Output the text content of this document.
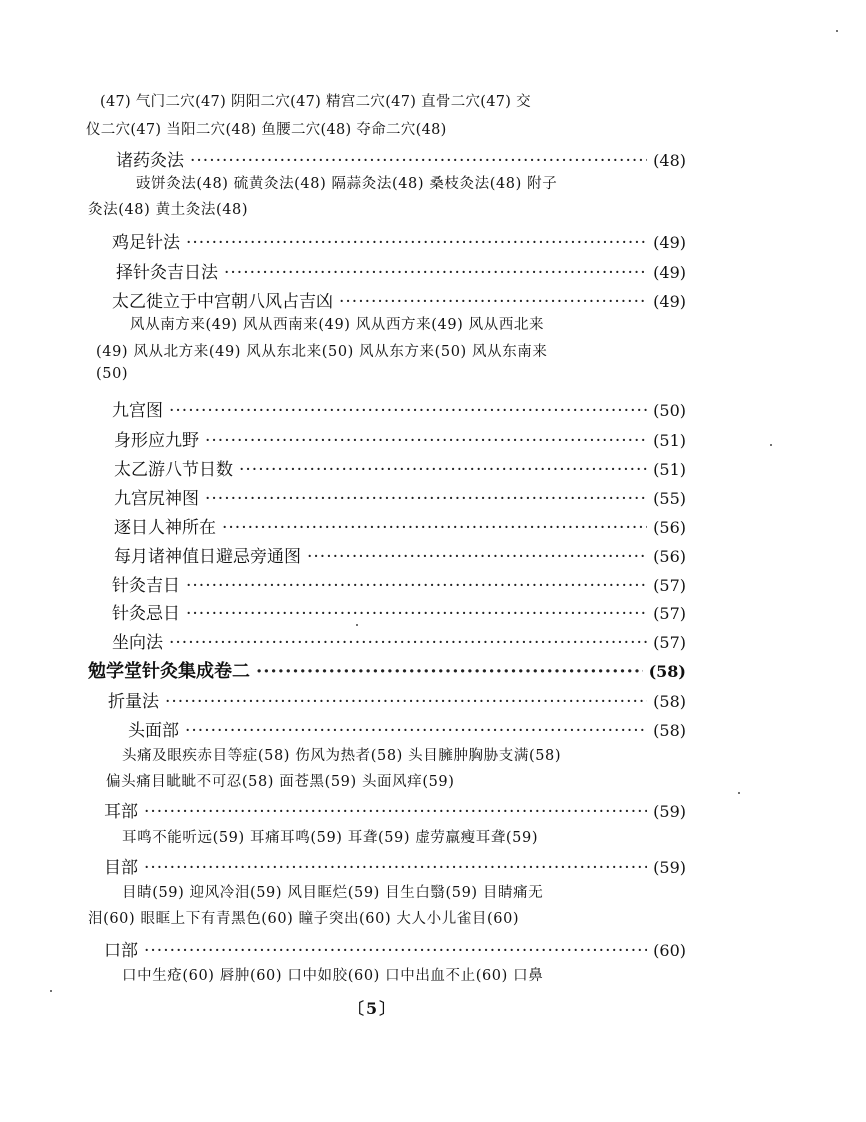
(47) 气门二穴(47) 阴阳二穴(47) 精宫二穴(47) 直骨二穴(47) 交
仪二穴(47) 当阳二穴(48) 鱼腰二穴(48) 夺命二穴(48)
诸药灸法 ·····	(48)
豉饼灸法(48) 硫黄灸法(48) 隔蒜灸法(48) 桑枝灸法(48) 附子
灸法(48) 黄土灸法(48)
鸡足针法 ·····	(49)
择针灸吉日法 ·····	(49)
太乙徙立于中宫朝八风占吉凶 ·····	(49)
风从南方来(49) 风从西南来(49) 风从西方来(49) 风从西北来
(49) 风从北方来(49) 风从东北来(50) 风从东方来(50) 风从东南来
(50)
九宫图 ·····	(50)
身形应九野 ·····	(51)
太乙游八节日数 ·····	(51)
九宫尻神图 ·····	(55)
逐日人神所在 ·····	(56)
每月诸神值日避忌旁通图 ·····	(56)
针灸吉日 ·····	(57)
针灸忌日 ·····	(57)
坐向法 ·····	(57)
勉学堂针灸集成卷二 ·····	(58)
折量法 ·····	(58)
头面部 ·····	(58)
头痛及眼疾赤目等症(58) 伤风为热者(58) 头目臃肿胸胁支满(58)
偏头痛目眦眦不可忍(58) 面苍黑(59) 头面风痒(59)
耳部 ·····	(59)
耳鸣不能听远(59) 耳痛耳鸣(59) 耳聋(59) 虚劳羸瘦耳聋(59)
目部 ·····	(59)
目睛(59) 迎风冷泪(59) 风目眶烂(59) 目生白翳(59) 目睛痛无
泪(60) 眼眶上下有青黑色(60) 瞳子突出(60) 大人小儿雀目(60)
口部 ·····	(60)
口中生疮(60) 唇肿(60) 口中如胶(60) 口中出血不止(60) 口鼻
〔5〕
